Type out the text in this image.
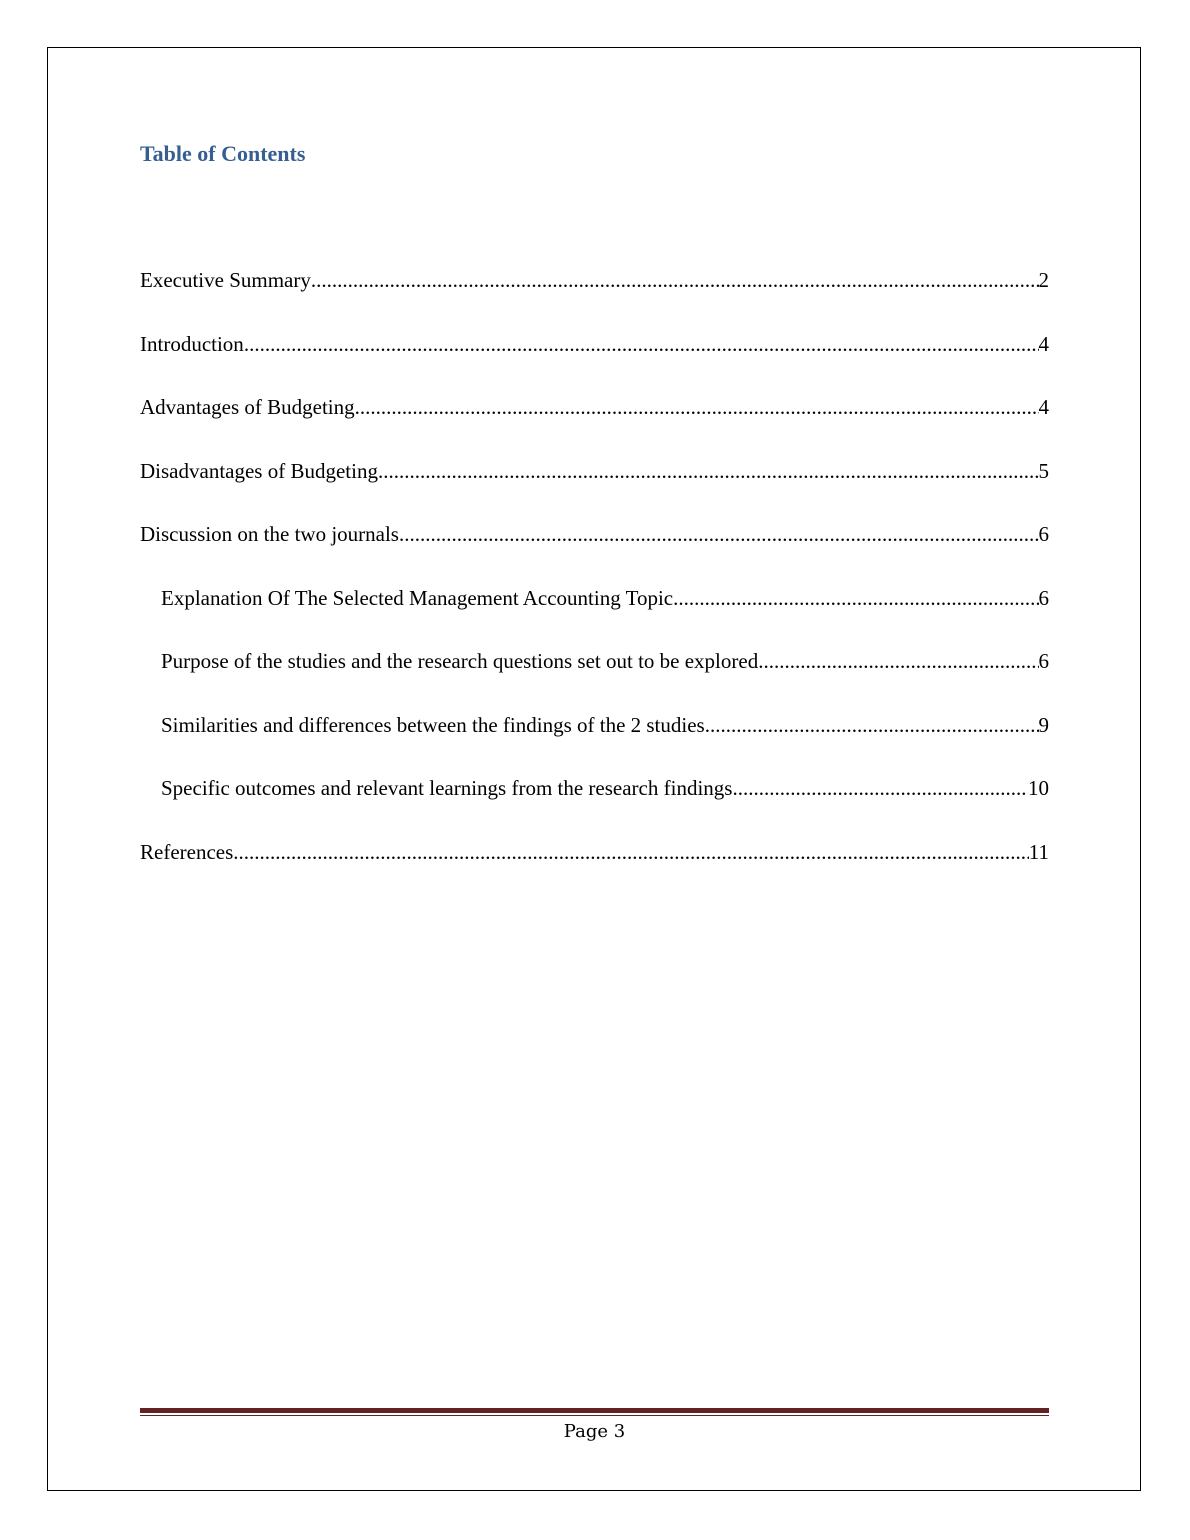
Table of Contents
Executive Summary .....	2
Introduction .....	4
Advantages of Budgeting .....	4
Disadvantages of Budgeting .....	5
Discussion on the two journals .....	6
Explanation Of The Selected Management Accounting Topic .....	6
Purpose of the studies and the research questions set out to be explored .....	6
Similarities and differences between the findings of the 2 studies .....	9
Specific outcomes and relevant learnings from the research findings .....	10
References .....	11
Page 3
